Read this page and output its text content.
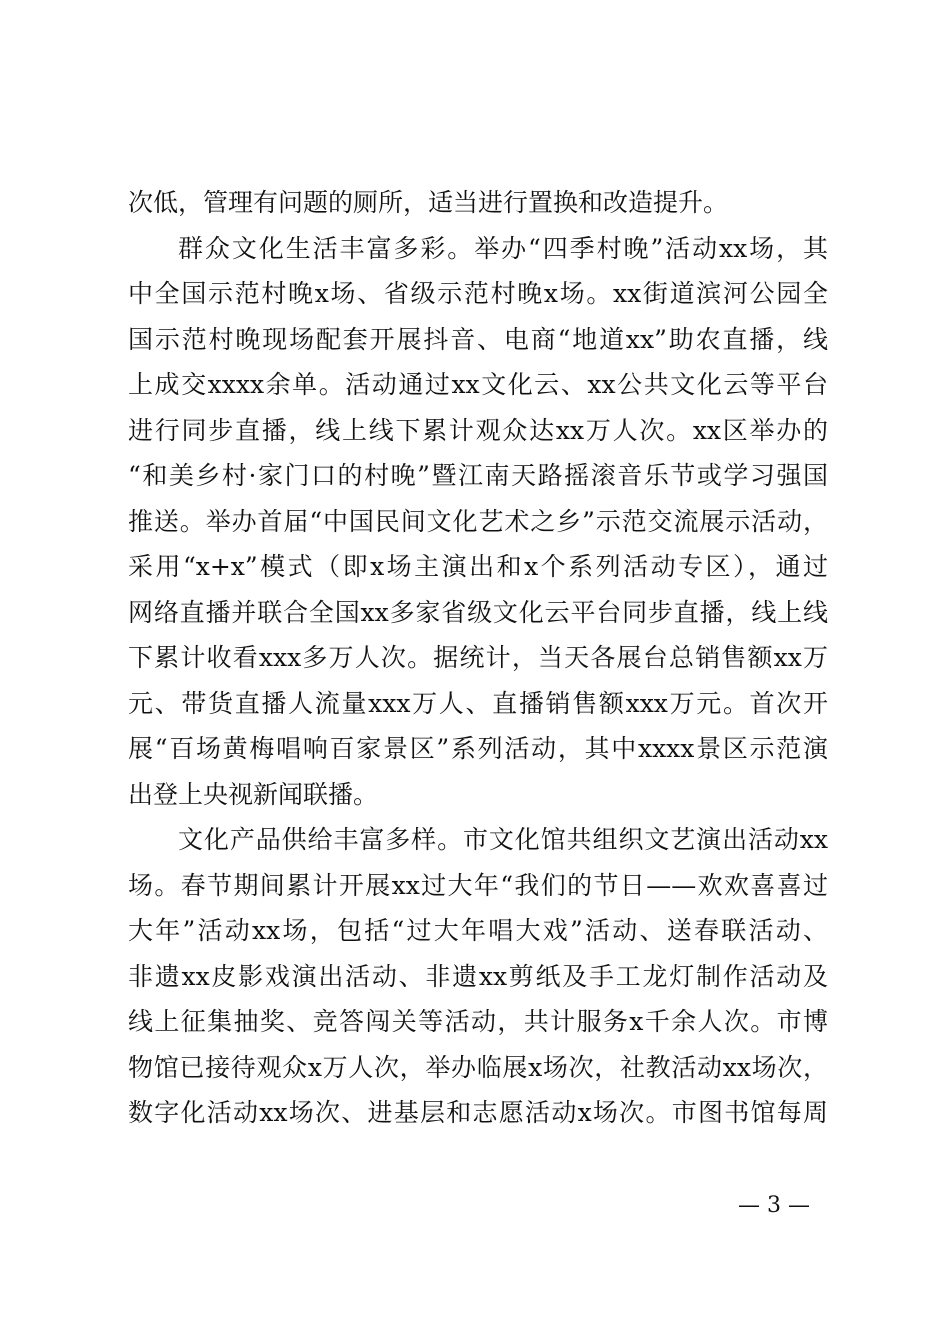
次低，管理有问题的厕所，适当进行置换和改造提升。
群众文化生活丰富多彩。举办“四季村晚”活动xx场，其
中全国示范村晚x场、省级示范村晚x场。xx街道滨河公园全
国示范村晚现场配套开展抖音、电商“地道xx”助农直播，线
上成交xxxx余单。活动通过xx文化云、xx公共文化云等平台
进行同步直播，线上线下累计观众达xx万人次。xx区举办的
“和美乡村·家门口的村晚”暨江南天路摇滚音乐节或学习强国
推送。举办首届“中国民间文化艺术之乡”示范交流展示活动，
采用“x+x”模式（即x场主演出和x个系列活动专区），通过
网络直播并联合全国xx多家省级文化云平台同步直播，线上线
下累计收看xxx多万人次。据统计，当天各展台总销售额xx万
元、带货直播人流量xxx万人、直播销售额xxx万元。首次开
展“百场黄梅唱响百家景区”系列活动，其中xxxx景区示范演
出登上央视新闻联播。
文化产品供给丰富多样。市文化馆共组织文艺演出活动xx
场。春节期间累计开展xx过大年“我们的节日——欢欢喜喜过
大年”活动xx场，包括“过大年唱大戏”活动、送春联活动、
非遗xx皮影戏演出活动、非遗xx剪纸及手工龙灯制作活动及
线上征集抽奖、竞答闯关等活动，共计服务x千余人次。市博
物馆已接待观众x万人次，举办临展x场次，社教活动xx场次，
数字化活动xx场次、进基层和志愿活动x场次。市图书馆每周
— 3 —
